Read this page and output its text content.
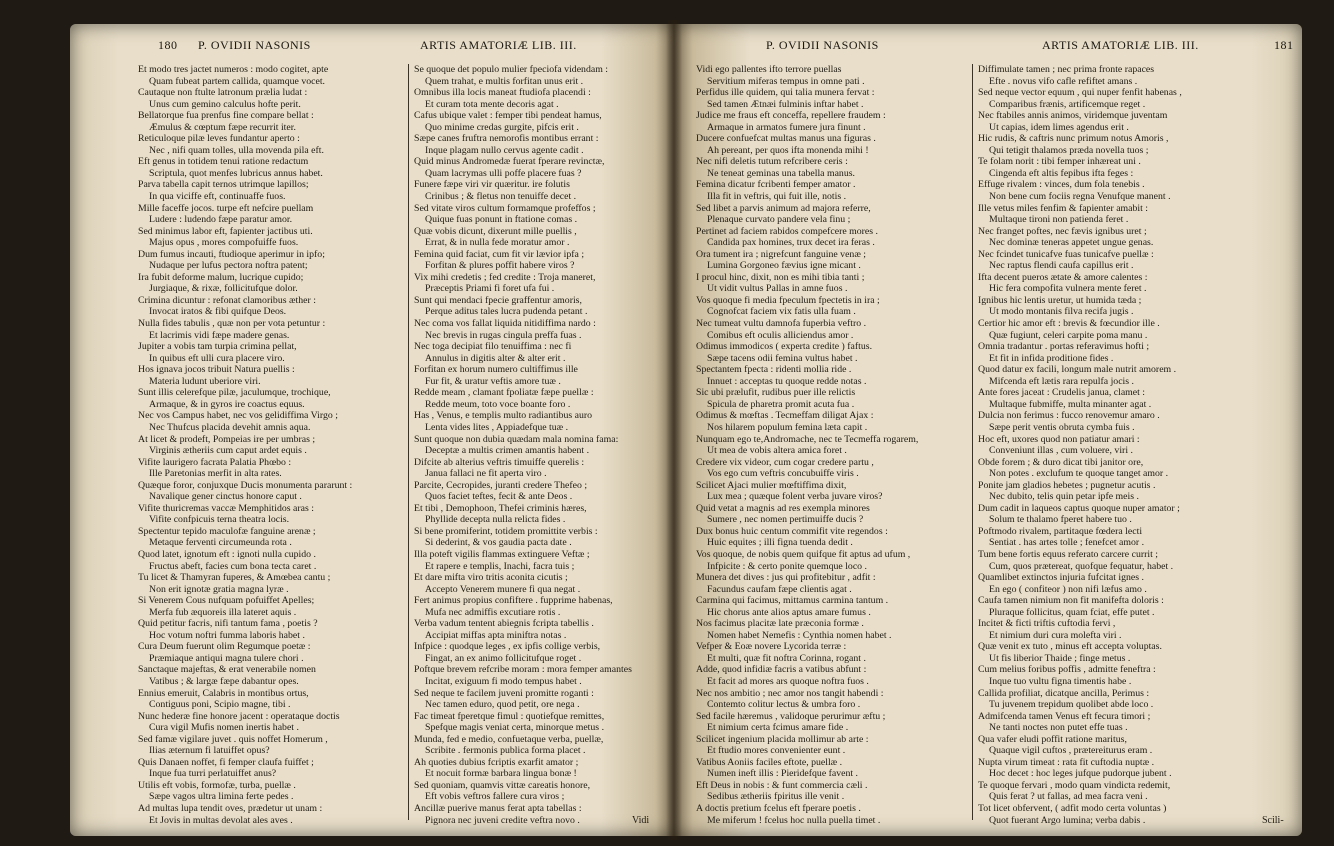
180 P. OVIDII NASONIS	ARTIS AMATORIÆ LIB. III.
Et modo tres jactet numeros : modo cogitet, apte
Quam fubeat partem callida, quamque vocet.
Cautaque non ftulte latronum prælia ludat :
Unus cum gemino calculus hofte perit.
Bellatorque fua prenfus fine compare bellat :
Æmulus & cœptum fæpe recurrit iter.
Reticuloque pilæ leves fundantur aperto :
Nec , nifi quam tolles, ulla movenda pila eft.
Eft genus in totidem tenui ratione redactum
Scriptula, quot menfes lubricus annus habet.
Parva tabella capit ternos utrimque lapillos;
In qua viciffe eft, continuaffe fuos.
Mille faceffe jocos. turpe eft nefcire puellam
Ludere : ludendo fæpe paratur amor.
Sed minimus labor eft, fapienter jactibus uti.
Majus opus , mores compofuiffe fuos.
Dum fumus incauti, ftudioque aperimur in ipfo;
Nudaque per lufus pectora noftra patent;
Ira fubit deforme malum, lucrique cupido;
Jurgiaque, & rixæ, follicitufque dolor.
Crimina dicuntur : refonat clamoribus æther :
Invocat iratos & fibi quifque Deos.
Nulla fides tabulis , quæ non per vota petuntur :
Et lacrimis vidi fæpe madere genas.
Jupiter a vobis tam turpia crimina pellat,
In quibus eft ulli cura placere viro.
Hos ignava jocos tribuit Natura puellis :
Materia ludunt uberiore viri.
Sunt illis celerefque pilæ, jaculumque, trochique,
Armaque, & in gyros ire coactus equus.
Nec vos Campus habet, nec vos gelidiffima Virgo ;
Nec Thufcus placida devehit amnis aqua.
At licet & prodeft, Pompeias ire per umbras ;
Virginis ætheriis cum caput ardet equis .
Vifite laurigero facrata Palatia Phœbo :
Ille Paretonias merfit in alta rates.
Quæque foror, conjuxque Ducis monumenta pararunt :
Navalique gener cinctus honore caput .
Vifite thuricremas vaccæ Memphitidos aras :
Vifite confpicuis terna theatra locis.
Spectentur tepido maculofæ fanguine arenæ ;
Metaque ferventi circumeunda rota .
Quod latet, ignotum eft : ignoti nulla cupido .
Fructus abeft, facies cum bona tecta caret .
Tu licet & Thamyran fuperes, & Amœbea cantu ;
Non erit ignotæ gratia magna lyræ .
Si Venerem Cous nufquam pofuiffet Apelles;
Merfa fub æquoreis illa lateret aquis .
Quid petitur facris, nifi tantum fama , poetis ?
Hoc votum noftri fumma laboris habet .
Cura Deum fuerunt olim Regumque poetæ :
Præmiaque antiqui magna tulere chori .
Sanctaque majeftas, & erat venerabile nomen
Vatibus ; & largæ fæpe dabantur opes.
Ennius emeruit, Calabris in montibus ortus,
Contiguus poni, Scipio magne, tibi .
Nunc hederæ fine honore jacent : operataque doctis
Cura vigil Mufis nomen inertis habet .
Sed famæ vigilare juvet . quis noffet Homerum ,
Ilias æternum fi latuiffet opus?
Quis Danaen noffet, fi femper claufa fuiffet ;
Inque fua turri perlatuiffet anus?
Utilis eft vobis, formofæ, turba, puellæ .
Sæpe vagos ultra limina ferte pedes .
Ad multas lupa tendit oves, prædetur ut unam :
Et Jovis in multas devolat ales aves .
Se quoque det populo mulier fpeciofa videndam :
Quem trahat, e multis forfitan unus erit .
Omnibus illa locis maneat ftudiofa placendi :
Et curam tota mente decoris agat .
Cafus ubique valet : femper tibi pendeat hamus,
Quo minime credas gurgite, pifcis erit .
Sæpe canes fruftra nemorofis montibus errant :
Inque plagam nullo cervus agente cadit .
Quid minus Andromedæ fuerat fperare revinctæ,
Quam lacrymas ulli poffe placere fuas ?
Funere fæpe viri vir quæritur. ire folutis
Crinibus ; & fletus non tenuiffe decet .
Sed vitate viros cultum formamque profeffos ;
Quique fuas ponunt in ftatione comas .
Quæ vobis dicunt, dixerunt mille puellis ,
Errat, & in nulla fede moratur amor .
Femina quid faciat, cum fit vir lævior ipfa ;
Forfitan & plures poffit habere viros ?
Vix mihi credetis ; fed credite : Troja maneret,
Præceptis Priami fi foret ufa fui .
Sunt qui mendaci fpecie graffentur amoris,
Perque aditus tales lucra pudenda petant .
Nec coma vos fallat liquida nitidiffima nardo :
Nec brevis in rugas cingula preffa fuas .
Nec toga decipiat filo tenuiffima : nec fi
Annulus in digitis alter & alter erit .
Forfitan ex horum numero cultiffimus ille
Fur fit, & uratur veftis amore tuæ .
Redde meam , clamant fpoliatæ fæpe puellæ :
Redde meum, toto voce boante foro .
Has , Venus, e templis multo radiantibus auro
Lenta vides lites , Appiadefque tuæ .
Sunt quoque non dubia quædam mala nomina fama:
Deceptæ a multis crimen amantis habent .
Difcite ab alterius veftris timuiffe querelis :
Janua fallaci ne fit aperta viro .
Parcite, Cecropides, juranti credere Thefeo ;
Quos faciet teftes, fecit & ante Deos .
Et tibi , Demophoon, Thefei criminis hæres,
Phyllide decepta nulla relicta fides .
Si bene promiferint, totidem promittite verbis :
Si dederint, & vos gaudia pacta date .
Illa poteft vigilis flammas extinguere Veftæ ;
Et rapere e templis, Inachi, facra tuis ;
Et dare mifta viro tritis aconita cicutis ;
Accepto Venerem munere fi qua negat .
Fert animus propius confiftere . fupprime habenas,
Mufa nec admiffis excutiare rotis .
Verba vadum tentent abiegnis fcripta tabellis .
Accipiat miffas apta miniftra notas .
Infpice : quodque leges , ex ipfis collige verbis,
Fingat, an ex animo follicitufque roget .
Poftque brevem refcribe moram : mora femper amantes
Incitat, exiguum fi modo tempus habet .
Sed neque te facilem juveni promitte roganti :
Nec tamen eduro, quod petit, ore nega .
Fac timeat fperetque fimul : quotiefque remittes,
Spefque magis veniat certa, minorque metus .
Munda, fed e medio, confuetaque verba, puellæ,
Scribite . fermonis publica forma placet .
Ah quoties dubius fcriptis exarfit amator ;
Et nocuit formæ barbara lingua bonæ !
Sed quoniam, quamvis vittæ careatis honore,
Eft vobis veftros fallere cura viros ;
Ancillæ puerive manus ferat apta tabellas :
Pignora nec juveni credite veftra novo .	Vidi
P. OVIDII NASONIS	ARTIS AMATORIÆ LIB. III.	181
Vidi ego pallentes ifto terrore puellas
Servitium miferas tempus in omne pati .
Perfidus ille quidem, qui talia munera fervat :
Sed tamen Ætnæi fulminis inftar habet .
Judice me fraus eft conceffa, repellere fraudem :
Armaque in armatos fumere jura finunt .
Ducere confuefcat multas manus una figuras .
Ah pereant, per quos ifta monenda mihi !
Nec nifi deletis tutum refcribere ceris :
Ne teneat geminas una tabella manus.
Femina dicatur fcribenti femper amator .
Illa fit in veftris, qui fuit ille, notis .
Sed libet a parvis animum ad majora referre,
Plenaque curvato pandere vela finu ;
Pertinet ad faciem rabidos compefcere mores .
Candida pax homines, trux decet ira feras .
Ora tument ira ; nigrefcunt fanguine venæ ;
Lumina Gorgoneo fævius igne micant .
I procul hinc, dixit, non es mihi tibia tanti ;
Ut vidit vultus Pallas in amne fuos .
Vos quoque fi media fpeculum fpectetis in ira ;
Cognofcat faciem vix fatis ulla fuam .
Nec tumeat vultu damnofa fuperbia veftro .
Comibus eft oculis alliciendus amor .
Odimus immodicos ( experta credite ) faftus.
Sæpe tacens odii femina vultus habet .
Spectantem fpecta : ridenti mollia ride .
Innuet : acceptas tu quoque redde notas .
Sic ubi prælufit, rudibus puer ille relictis
Spicula de pharetra promit acuta fua .
Odimus & mœftas . Tecmeffam diligat Ajax :
Nos hilarem populum femina læta capit .
Nunquam ego te,Andromache, nec te Tecmeffa rogarem,
Ut mea de vobis altera amica foret .
Credere vix videor, cum cogar credere partu ,
Vos ego cum veftris concubuiffe viris .
Scilicet Ajaci mulier mœftiffima dixit,
Lux mea ; quæque folent verba juvare viros?
Quid vetat a magnis ad res exempla minores
Sumere , nec nomen pertimuiffe ducis ?
Dux bonus huic centum commifit vite regendos :
Huic equites ; illi figna tuenda dedit .
Vos quoque, de nobis quem quifque fit aptus ad ufum ,
Infpicite : & certo ponite quemque loco .
Munera det dives : jus qui profitebitur , adfit :
Facundus caufam fæpe clientis agat .
Carmina qui facimus, mittamus carmina tantum .
Hic chorus ante alios aptus amare fumus .
Nos facimus placitæ late præconia formæ .
Nomen habet Nemefis : Cynthia nomen habet .
Vefper & Eoæ novere Lycorida terræ :
Et multi, quæ fit noftra Corinna, rogant .
Adde, quod infidiæ facris a vatibus abfunt :
Et facit ad mores ars quoque noftra fuos .
Nec nos ambitio ; nec amor nos tangit habendi :
Contemto colitur lectus & umbra foro .
Sed facile hæremus , validoque perurimur æftu ;
Et nimium certa fcimus amare fide .
Scilicet ingenium placida mollimur ab arte :
Et ftudio mores convenienter eunt .
Vatibus Aoniis faciles eftote, puellæ .
Numen ineft illis : Pieridefque favent .
Eft Deus in nobis : & funt commercia cæli .
Sedibus ætheriis fpiritus ille venit .
A doctis pretium fcelus eft fperare poetis .
Me miferum ! fcelus hoc nulla puella timet .
Diffimulate tamen ; nec prima fronte rapaces
Efte . novus vifo cafle refiftet amans .
Sed neque vector equum , qui nuper fenfit habenas ,
Comparibus frænis, artificemque reget .
Nec ftabiles annis animos, viridemque juventam
Ut capias, idem limes agendus erit .
Hic rudis, & caftris nunc primum notus Amoris ,
Qui tetigit thalamos præda novella tuos ;
Te folam norit : tibi femper inhæreat uni .
Cingenda eft altis fepibus ifta feges :
Effuge rivalem : vinces, dum fola tenebis .
Non bene cum fociis regna Venufque manent .
Ille vetus miles fenfim & fapienter amabit :
Multaque tironi non patienda feret .
Nec franget poftes, nec fævis ignibus uret ;
Nec dominæ teneras appetet ungue genas.
Nec fcindet tunicafve fuas tunicafve puellæ :
Nec raptus flendi caufa capillus erit .
Ifta decent pueros ætate & amore calentes :
Hic fera compofita vulnera mente feret .
Ignibus hic lentis uretur, ut humida tæda ;
Ut modo montanis filva recifa jugis .
Certior hic amor eft : brevis & fœcundior ille .
Quæ fugiunt, celeri carpite poma manu .
Omnia tradantur . portas referavimus hofti ;
Et fit in infida proditione fides .
Quod datur ex facili, longum male nutrit amorem .
Mifcenda eft lætis rara repulfa jocis .
Ante fores jaceat : Crudelis janua, clamet :
Multaque fubmiffe, multa minanter agat .
Dulcia non ferimus : fucco renovemur amaro .
Sæpe perit ventis obruta cymba fuis .
Hoc eft, uxores quod non patiatur amari :
Conveniunt illas , cum voluere, viri .
Obde forem ; & duro dicat tibi janitor ore,
Non potes . exclufum te quoque tanget amor .
Ponite jam gladios hebetes ; pugnetur acutis .
Nec dubito, telis quin petar ipfe meis .
Dum cadit in laqueos captus quoque nuper amator ;
Solum te thalamo fperet habere tuo .
Poftmodo rivalem, partitaque fœdera lecti
Sentiat . has artes tolle ; fenefcet amor .
Tum bene fortis equus referato carcere currit ;
Cum, quos prætereat, quofque fequatur, habet .
Quamlibet extinctos injuria fufcitat ignes .
En ego ( confiteor ) non nifi læfus amo .
Caufa tamen nimium non fit manifefta doloris :
Pluraque follicitus, quam fciat, effe putet .
Incitet & ficti triftis cuftodia fervi ,
Et nimium duri cura molefta viri .
Quæ venit ex tuto , minus eft accepta voluptas.
Ut fis liberior Thaide ; finge metus .
Cum melius foribus poffis , admitte feneftra :
Inque tuo vultu figna timentis habe .
Callida profiliat, dicatque ancilla, Perimus :
Tu juvenem trepidum quolibet abde loco .
Admifcenda tamen Venus eft fecura timori ;
Ne tanti noctes non putet effe tuas .
Qua vafer eludi poffit ratione maritus,
Quaque vigil cuftos , prætereiturus eram .
Nupta virum timeat : rata fit cuftodia nuptæ .
Hoc decet : hoc leges jufque pudorque jubent .
Te quoque fervari , modo quam vindicta redemit,
Quis ferat ? ut fallas, ad mea facra veni .
Tot licet obfervent, ( adfit modo certa voluntas )
Quot fuerant Argo lumina; verba dabis .	Scili-
